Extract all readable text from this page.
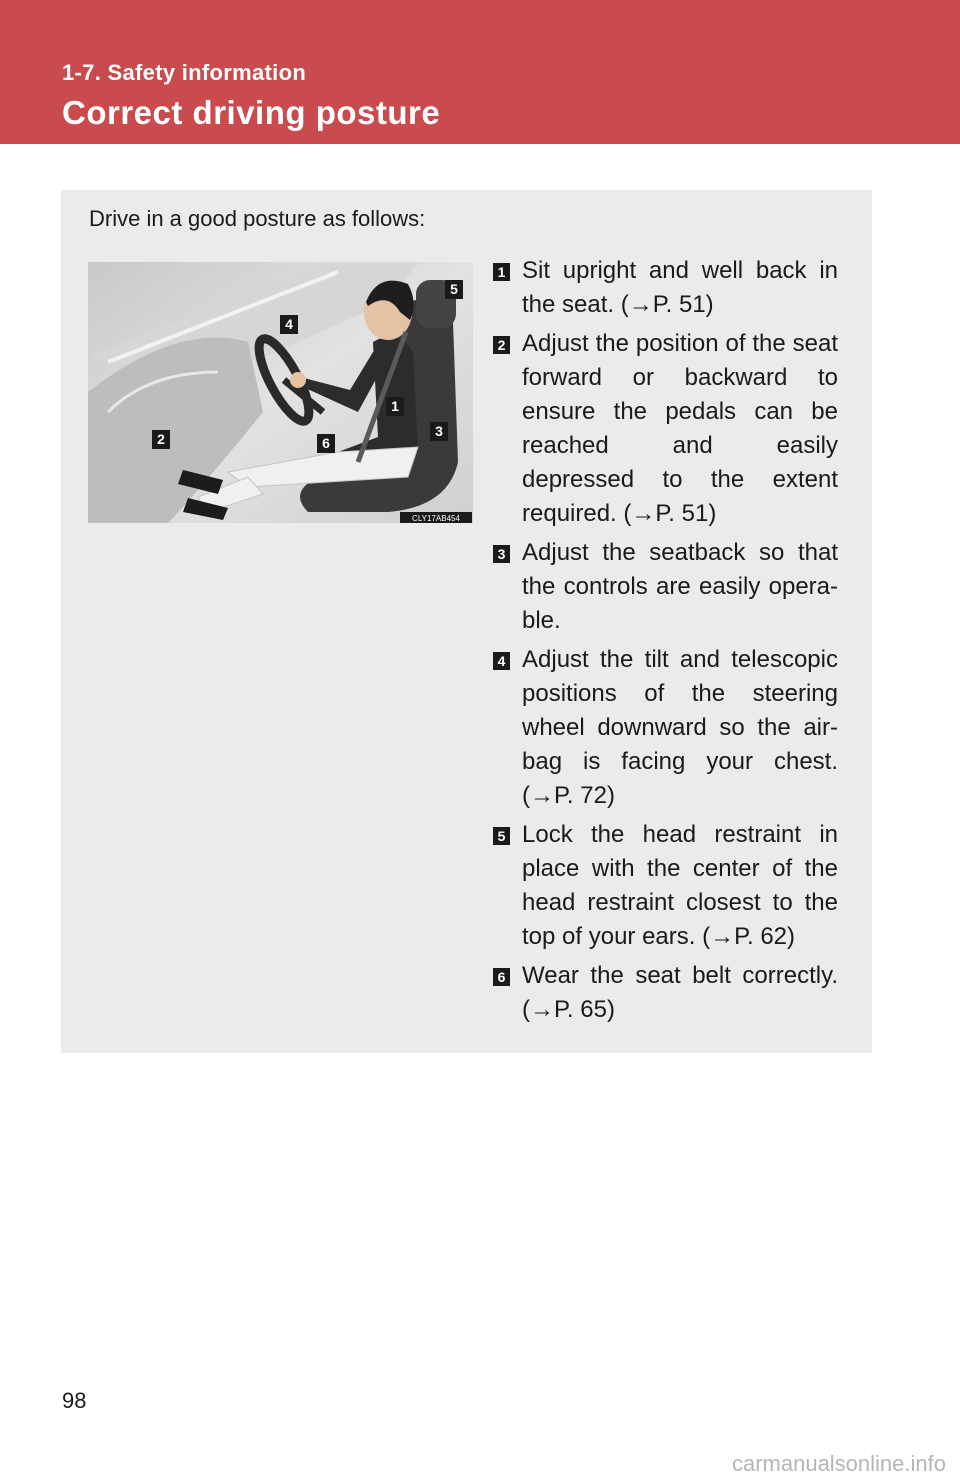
1-7. Safety information
Correct driving posture
Drive in a good posture as follows:
1
2	3
4
5
6
CLY17AB454
1 Sit upright and well back in the seat. (→P. 51)
2 Adjust the position of the seat forward or backward to ensure the pedals can be reached and easily depressed to the extent required. (→P. 51)
3 Adjust the seatback so that the controls are easily opera- ble.
4 Adjust the tilt and telescopic positions of the steering wheel downward so the air- bag is facing your chest. (→P. 72)
5 Lock the head restraint in place with the center of the head restraint closest to the top of your ears. (→P. 62)
6 Wear the seat belt correctly. (→P. 65)
98
carmanualsonline.info
